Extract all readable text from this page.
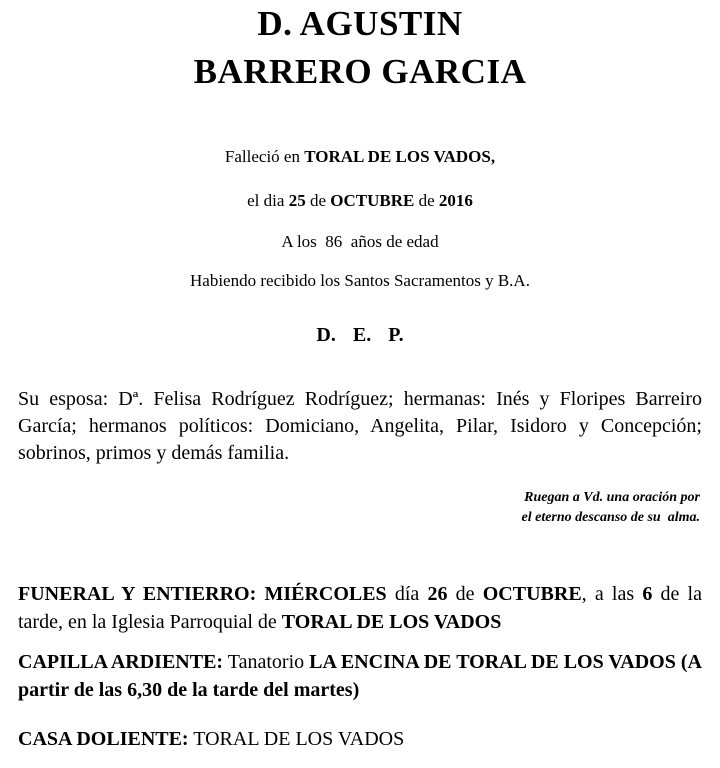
D. AGUSTIN
BARRERO GARCIA
Falleció en TORAL DE LOS VADOS,
el dia 25 de OCTUBRE de 2016
A los  86  años de edad
Habiendo recibido los Santos Sacramentos y B.A.
D. E. P.

Su esposa: Dª. Felisa Rodríguez Rodríguez; hermanas: Inés y Floripes Barreiro García; hermanos políticos: Domiciano, Angelita, Pilar, Isidoro y Concepción; sobrinos, primos y demás familia.

Ruegan a Vd. una oración por
el eterno descanso de su  alma.

FUNERAL Y ENTIERRO: MIÉRCOLES día 26 de OCTUBRE, a las 6 de la tarde, en la Iglesia Parroquial de TORAL DE LOS VADOS

CAPILLA ARDIENTE: Tanatorio LA ENCINA DE TORAL DE LOS VADOS (A partir de las 6,30 de la tarde del martes)

CASA DOLIENTE: TORAL DE LOS VADOS
